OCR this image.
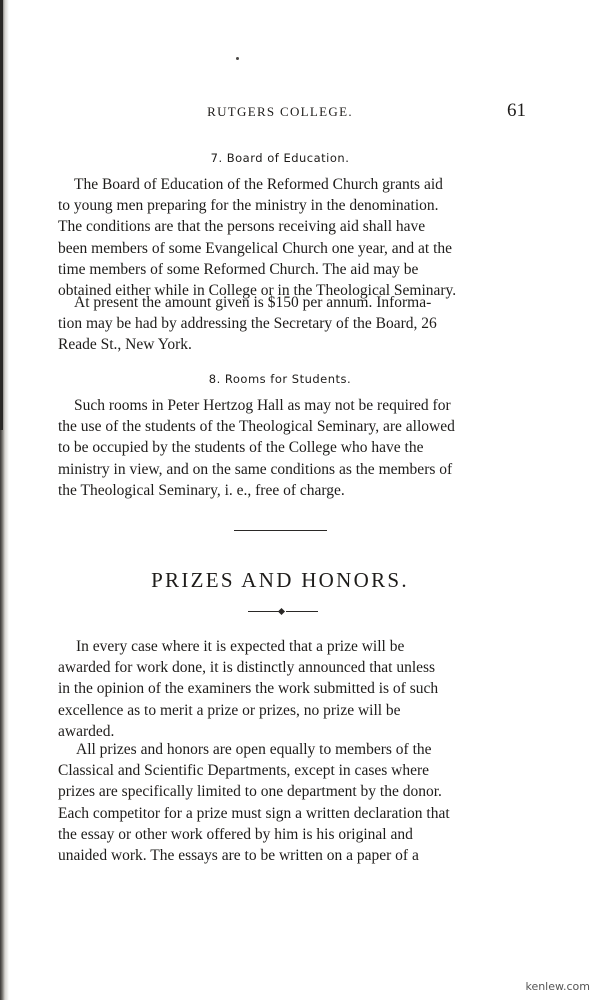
RUTGERS COLLEGE.	61
7. Board of Education.
The Board of Education of the Reformed Church grants aid
to young men preparing for the ministry in the denomination.
The conditions are that the persons receiving aid shall have
been members of some Evangelical Church one year, and at the
time members of some Reformed Church. The aid may be
obtained either while in College or in the Theological Seminary.
At present the amount given is $150 per annum. Informa-
tion may be had by addressing the Secretary of the Board, 26
Reade St., New York.
8. Rooms for Students.
Such rooms in Peter Hertzog Hall as may not be required for
the use of the students of the Theological Seminary, are allowed
to be occupied by the students of the College who have the
ministry in view, and on the same conditions as the members of
the Theological Seminary, i. e., free of charge.
PRIZES AND HONORS.
In every case where it is expected that a prize will be
awarded for work done, it is distinctly announced that unless
in the opinion of the examiners the work submitted is of such
excellence as to merit a prize or prizes, no prize will be
awarded.
All prizes and honors are open equally to members of the
Classical and Scientific Departments, except in cases where
prizes are specifically limited to one department by the donor.
Each competitor for a prize must sign a written declaration that
the essay or other work offered by him is his original and
unaided work. The essays are to be written on a paper of a
kenlew.com
